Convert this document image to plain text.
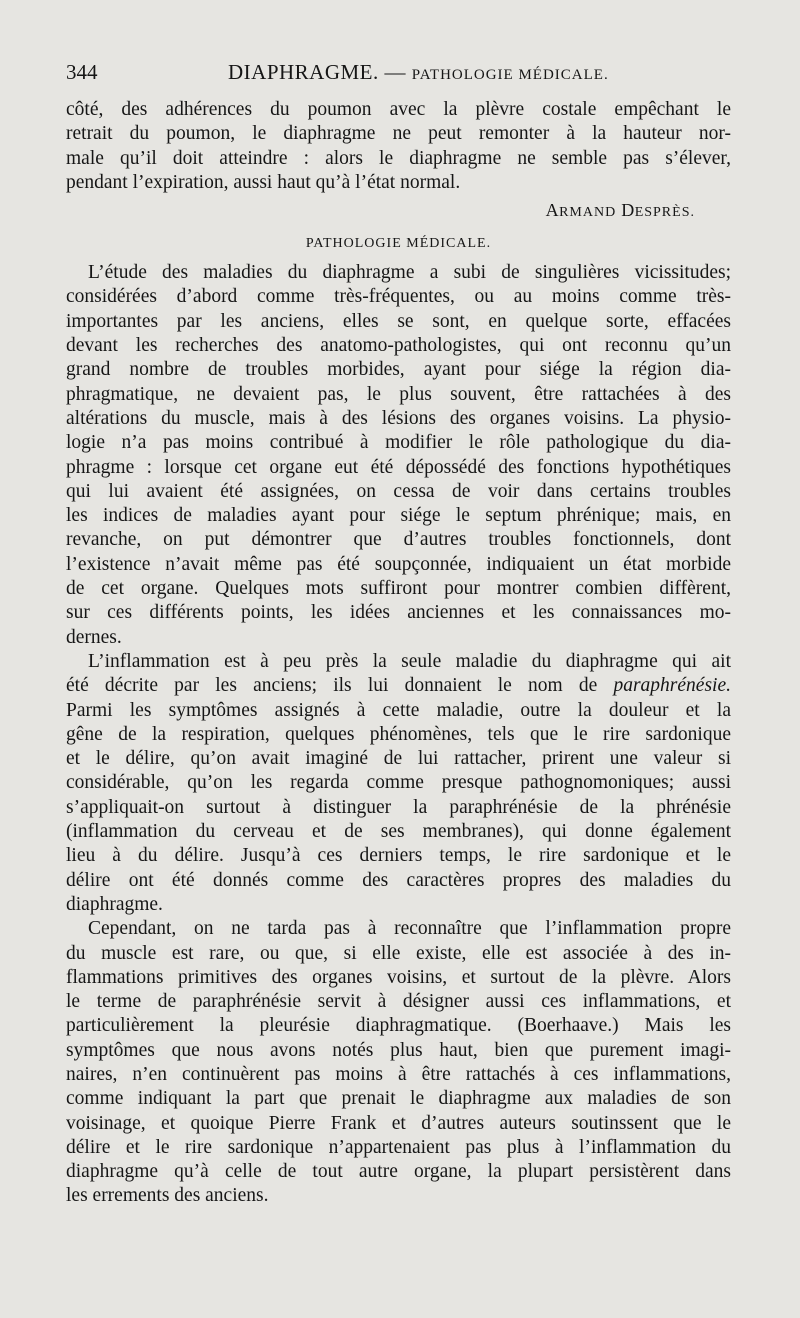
344	DIAPHRAGME. — PATHOLOGIE MÉDICALE.
côté, des adhérences du poumon avec la plèvre costale empêchant le
retrait du poumon, le diaphragme ne peut remonter à la hauteur nor-
male qu’il doit atteindre : alors le diaphragme ne semble pas s’élever,
pendant l’expiration, aussi haut qu’à l’état normal.
ARMAND DESPRÈS.
PATHOLOGIE MÉDICALE.
L’étude des maladies du diaphragme a subi de singulières vicissitudes;
considérées d’abord comme très-fréquentes, ou au moins comme très-
importantes par les anciens, elles se sont, en quelque sorte, effacées
devant les recherches des anatomo-pathologistes, qui ont reconnu qu’un
grand nombre de troubles morbides, ayant pour siége la région dia-
phragmatique, ne devaient pas, le plus souvent, être rattachées à des
altérations du muscle, mais à des lésions des organes voisins. La physio-
logie n’a pas moins contribué à modifier le rôle pathologique du dia-
phragme : lorsque cet organe eut été dépossédé des fonctions hypothétiques
qui lui avaient été assignées, on cessa de voir dans certains troubles
les indices de maladies ayant pour siége le septum phrénique; mais, en
revanche, on put démontrer que d’autres troubles fonctionnels, dont
l’existence n’avait même pas été soupçonnée, indiquaient un état morbide
de cet organe. Quelques mots suffiront pour montrer combien diffèrent,
sur ces différents points, les idées anciennes et les connaissances mo-
dernes.
L’inflammation est à peu près la seule maladie du diaphragme qui ait
été décrite par les anciens; ils lui donnaient le nom de paraphrénésie.
Parmi les symptômes assignés à cette maladie, outre la douleur et la
gêne de la respiration, quelques phénomènes, tels que le rire sardonique
et le délire, qu’on avait imaginé de lui rattacher, prirent une valeur si
considérable, qu’on les regarda comme presque pathognomoniques; aussi
s’appliquait-on surtout à distinguer la paraphrénésie de la phrénésie
(inflammation du cerveau et de ses membranes), qui donne également
lieu à du délire. Jusqu’à ces derniers temps, le rire sardonique et le
délire ont été donnés comme des caractères propres des maladies du
diaphragme.
Cependant, on ne tarda pas à reconnaître que l’inflammation propre
du muscle est rare, ou que, si elle existe, elle est associée à des in-
flammations primitives des organes voisins, et surtout de la plèvre. Alors
le terme de paraphrénésie servit à désigner aussi ces inflammations, et
particulièrement la pleurésie diaphragmatique. (Boerhaave.) Mais les
symptômes que nous avons notés plus haut, bien que purement imagi-
naires, n’en continuèrent pas moins à être rattachés à ces inflammations,
comme indiquant la part que prenait le diaphragme aux maladies de son
voisinage, et quoique Pierre Frank et d’autres auteurs soutinssent que le
délire et le rire sardonique n’appartenaient pas plus à l’inflammation du
diaphragme qu’à celle de tout autre organe, la plupart persistèrent dans
les errements des anciens.
